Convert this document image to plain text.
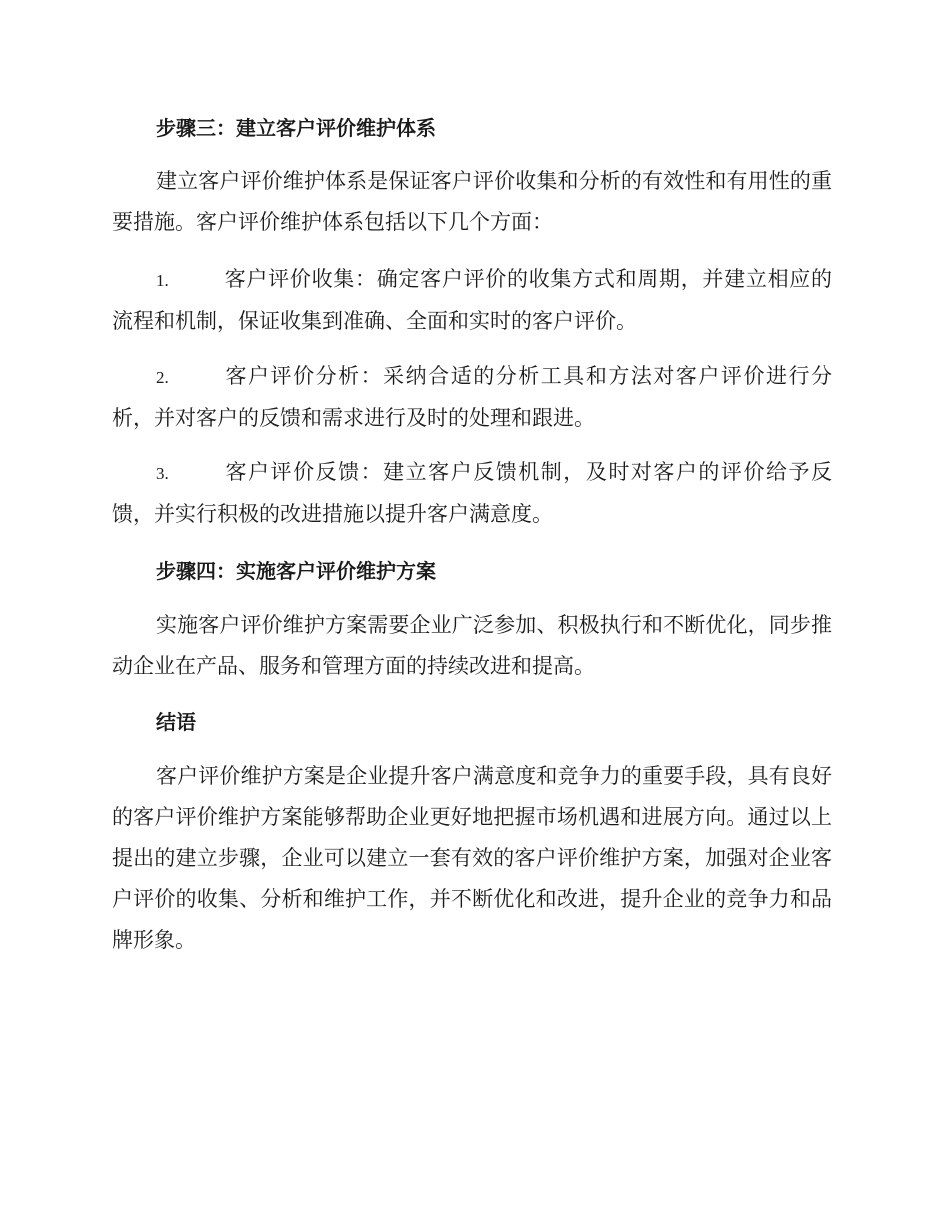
步骤三：建立客户评价维护体系

建立客户评价维护体系是保证客户评价收集和分析的有效性和有用性的重要措施。客户评价维护体系包括以下几个方面：

1.	客户评价收集：确定客户评价的收集方式和周期，并建立相应的流程和机制，保证收集到准确、全面和实时的客户评价。

2.	客户评价分析：采纳合适的分析工具和方法对客户评价进行分析，并对客户的反馈和需求进行及时的处理和跟进。

3.	客户评价反馈：建立客户反馈机制，及时对客户的评价给予反馈，并实行积极的改进措施以提升客户满意度。

步骤四：实施客户评价维护方案

实施客户评价维护方案需要企业广泛参加、积极执行和不断优化，同步推动企业在产品、服务和管理方面的持续改进和提高。

结语

客户评价维护方案是企业提升客户满意度和竞争力的重要手段，具有良好的客户评价维护方案能够帮助企业更好地把握市场机遇和进展方向。通过以上提出的建立步骤，企业可以建立一套有效的客户评价维护方案，加强对企业客户评价的收集、分析和维护工作，并不断优化和改进，提升企业的竞争力和品牌形象。
